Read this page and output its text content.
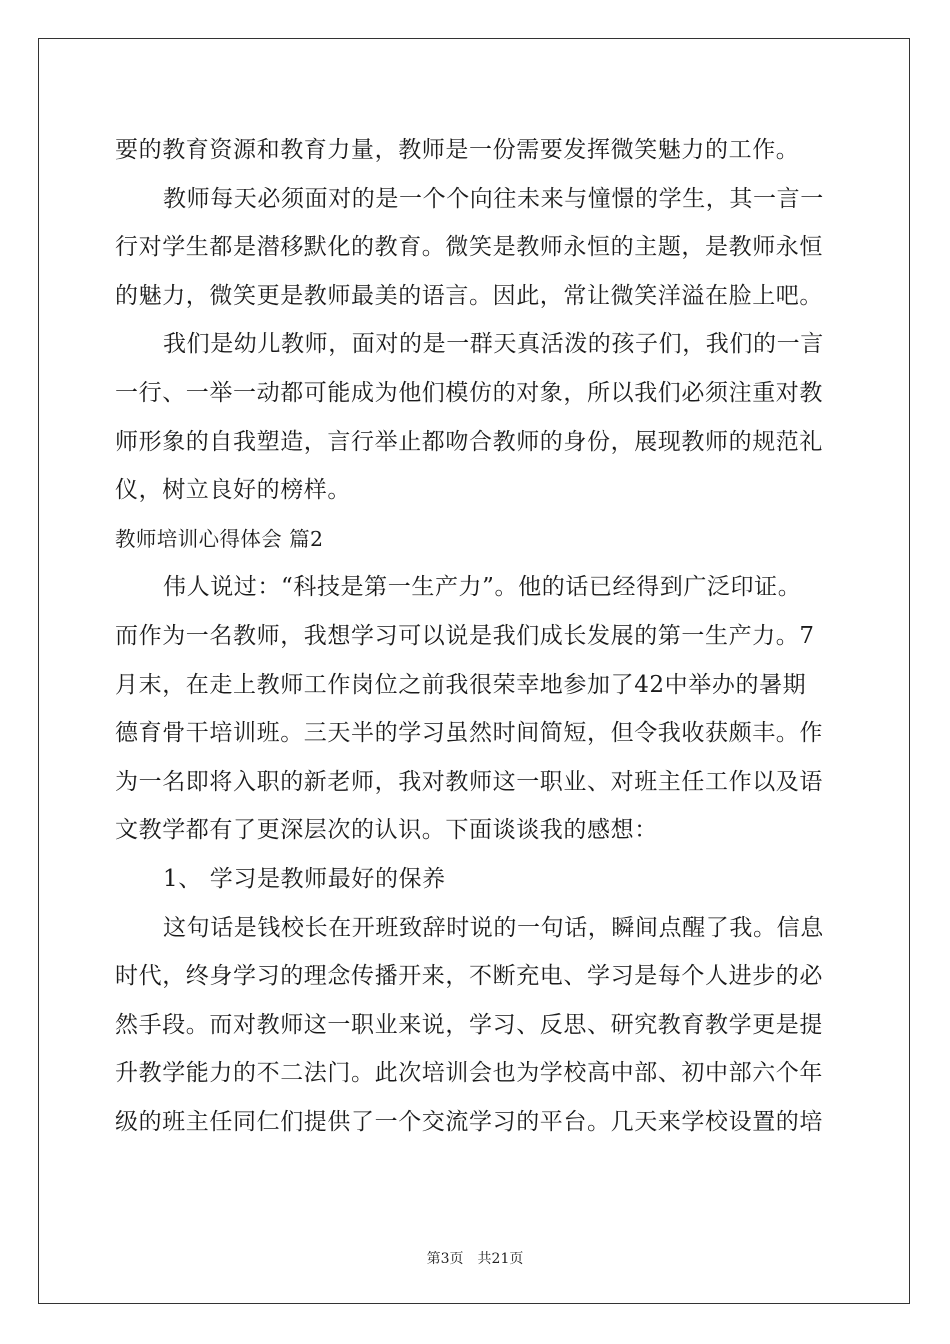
要的教育资源和教育力量，教师是一份需要发挥微笑魅力的工作。
教师每天必须面对的是一个个向往未来与憧憬的学生，其一言一
行对学生都是潜移默化的教育。微笑是教师永恒的主题，是教师永恒
的魅力，微笑更是教师最美的语言。因此，常让微笑洋溢在脸上吧。
我们是幼儿教师，面对的是一群天真活泼的孩子们，我们的一言
一行、一举一动都可能成为他们模仿的对象，所以我们必须注重对教
师形象的自我塑造，言行举止都吻合教师的身份，展现教师的规范礼
仪，树立良好的榜样。
教师培训心得体会 篇2
伟人说过：“科技是第一生产力”。他的话已经得到广泛印证。
而作为一名教师，我想学习可以说是我们成长发展的第一生产力。7
月末，在走上教师工作岗位之前我很荣幸地参加了42中举办的暑期
德育骨干培训班。三天半的学习虽然时间简短，但令我收获颇丰。作
为一名即将入职的新老师，我对教师这一职业、对班主任工作以及语
文教学都有了更深层次的认识。下面谈谈我的感想：
1、 学习是教师最好的保养
这句话是钱校长在开班致辞时说的一句话，瞬间点醒了我。信息
时代，终身学习的理念传播开来，不断充电、学习是每个人进步的必
然手段。而对教师这一职业来说，学习、反思、研究教育教学更是提
升教学能力的不二法门。此次培训会也为学校高中部、初中部六个年
级的班主任同仁们提供了一个交流学习的平台。几天来学校设置的培
第3页　共21页
